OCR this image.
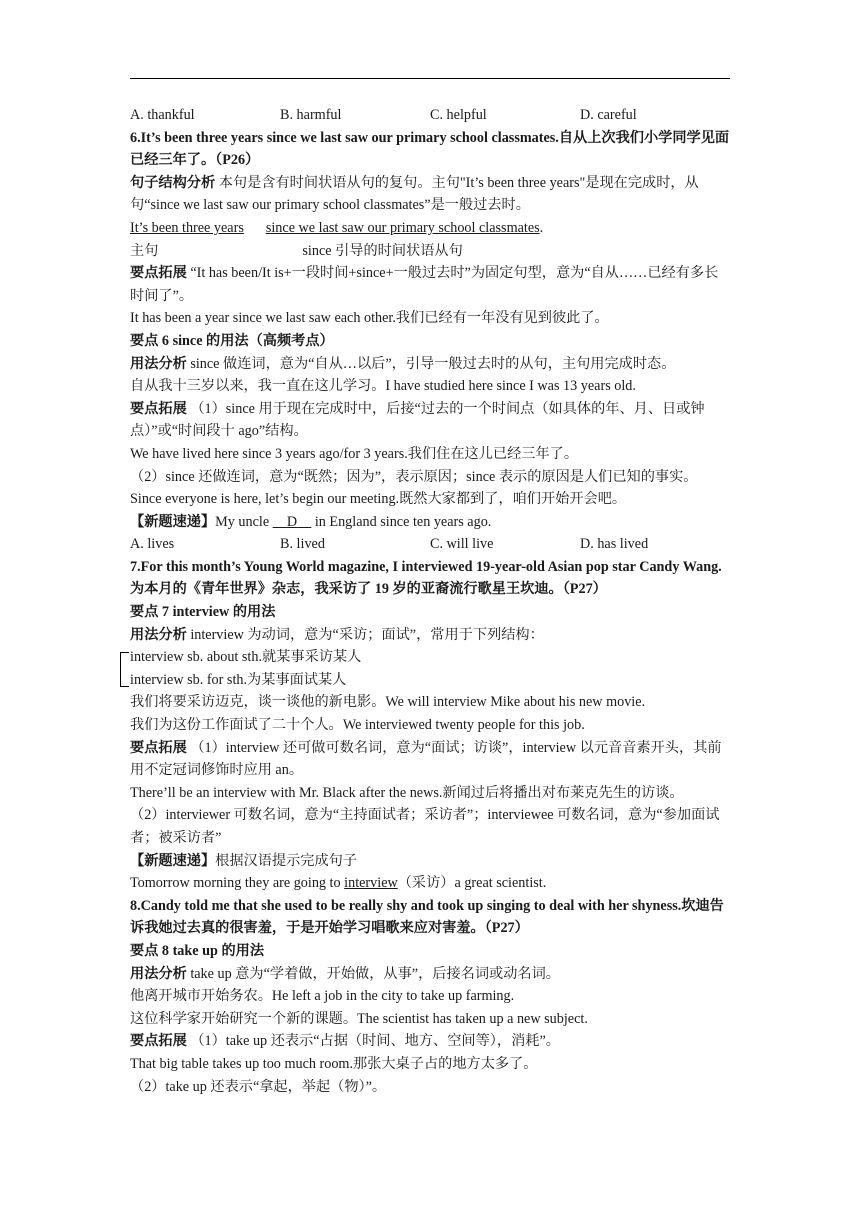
A. thankful	B. harmful	C. helpful	D. careful
6.It’s been three years since we last saw our primary school classmates.自从上次我们小学同学见面已经三年了。（P26）
句子结构分析 本句是含有时间状语从句的复句。主句"It’s been three years"是现在完成时，从句“since we last saw our primary school classmates”是一般过去时。
It’s been three years since we last saw our primary school classmates.
主句	since 引导的时间状语从句
要点拓展 “It has been/It is+一段时间+since+一般过去时”为固定句型，意为“自从……已经有多长时间了”。
It has been a year since we last saw each other.我们已经有一年没有见到彼此了。
要点 6 since 的用法（高频考点）
用法分析 since 做连词，意为“自从…以后”，引导一般过去时的从句，主句用完成时态。
自从我十三岁以来，我一直在这儿学习。I have studied here since I was 13 years old.
要点拓展 （1）since 用于现在完成时中，后接“过去的一个时间点（如具体的年、月、日或钟点）”或“时间段十 ago”结构。
We have lived here since 3 years ago/for 3 years.我们住在这儿已经三年了。
（2）since 还做连词，意为“既然；因为”，表示原因；since 表示的原因是人们已知的事实。
Since everyone is here, let’s begin our meeting.既然大家都到了，咱们开始开会吧。
【新题速递】My uncle D in England since ten years ago.
A. lives	B. lived	C. will live	D. has lived
7.For this month’s Young World magazine, I interviewed 19-year-old Asian pop star Candy Wang.为本月的《青年世界》杂志，我采访了 19 岁的亚裔流行歌星王坎迪。（P27）
要点 7 interview 的用法
用法分析 interview 为动词，意为“采访；面试”，常用于下列结构：
interview sb. about sth.就某事采访某人
interview sb. for sth.为某事面试某人
我们将要采访迈克，谈一谈他的新电影。We will interview Mike about his new movie.
我们为这份工作面试了二十个人。We interviewed twenty people for this job.
要点拓展 （1）interview 还可做可数名词，意为“面试；访谈”，interview 以元音音素开头，其前用不定冠词修饰时应用 an。
There’ll be an interview with Mr. Black after the news.新闻过后将播出对布莱克先生的访谈。
（2）interviewer 可数名词，意为“主持面试者；采访者”；interviewee 可数名词，意为“参加面试者；被采访者”
【新题速递】根据汉语提示完成句子
Tomorrow morning they are going to interview（采访）a great scientist.
8.Candy told me that she used to be really shy and took up singing to deal with her shyness.坎迪告诉我她过去真的很害羞，于是开始学习唱歌来应对害羞。（P27）
要点 8 take up 的用法
用法分析 take up 意为“学着做，开始做，从事”，后接名词或动名词。
他离开城市开始务农。He left a job in the city to take up farming.
这位科学家开始研究一个新的课题。The scientist has taken up a new subject.
要点拓展 （1）take up 还表示“占据（时间、地方、空间等），消耗”。
That big table takes up too much room.那张大桌子占的地方太多了。
（2）take up 还表示“拿起，举起（物）”。
